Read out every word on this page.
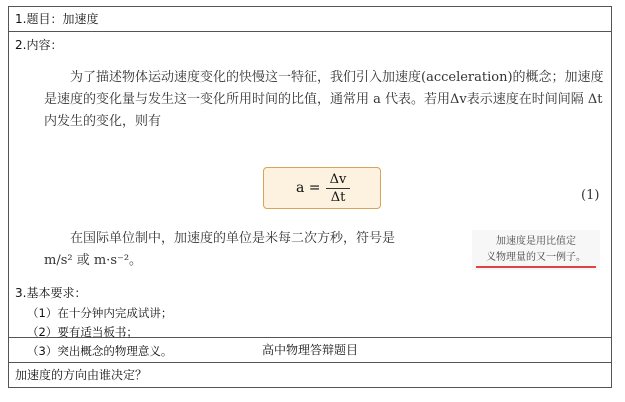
1.题目：加速度

2.内容：
为了描述物体运动速度变化的快慢这一特征，我们引入加速度(acceleration)的概念；加速度是速度的变化量与发生这一变化所用时间的比值，通常用 a 代表。若用Δv表示速度在时间间隔 Δt 内发生的变化，则有
a =
Δv
Δt	(1)
在国际单位制中，加速度的单位是米每二次方秒，符号是
m/s² 或 m·s⁻²。
加速度是用比值定
义物理量的又一例子。
3.基本要求：
（1）在十分钟内完成试讲；
（2）要有适当板书；
（3）突出概念的物理意义。

高中物理答辩题目

加速度的方向由谁决定？
